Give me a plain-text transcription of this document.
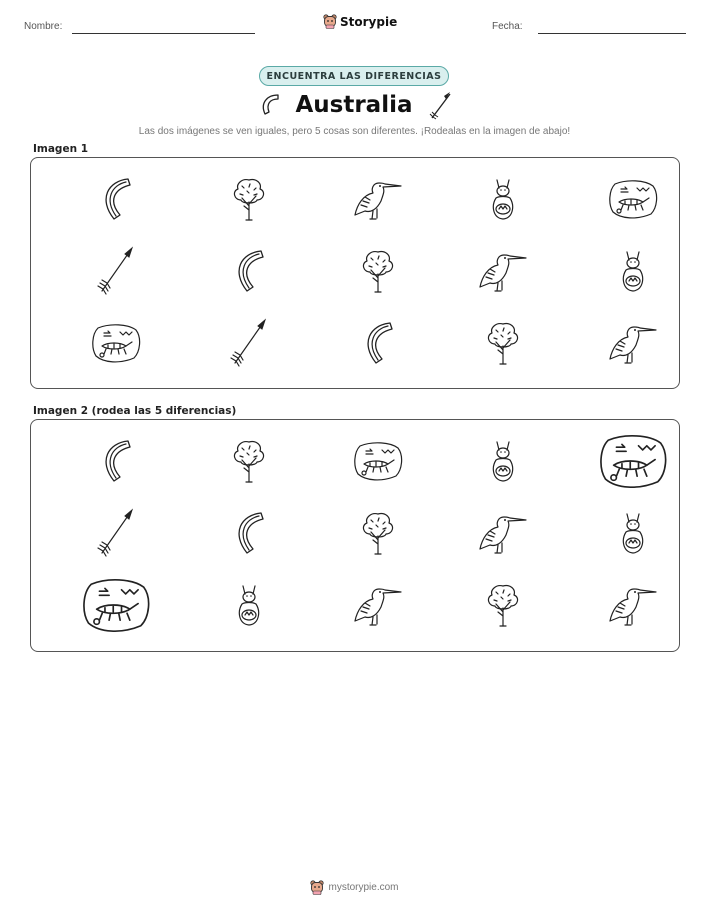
Nombre:	Storypie	Fecha:
ENCUENTRA LAS DIFERENCIAS
Australia
Las dos imágenes se ven iguales, pero 5 cosas son diferentes. ¡Rodealas en la imagen de abajo!
Imagen 1
Imagen 2 (rodea las 5 diferencias)
mystorypie.com
